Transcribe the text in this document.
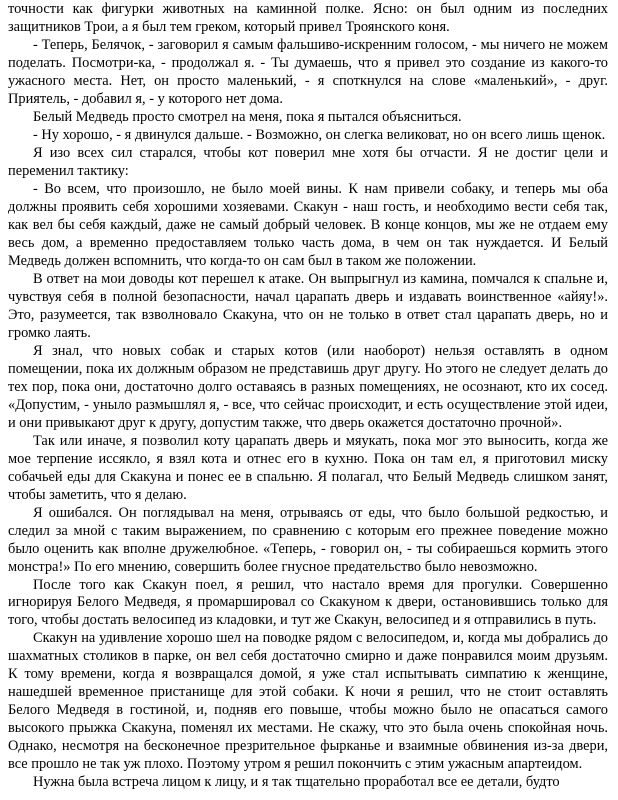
точности как фигурки животных на каминной полке. Ясно: он был одним из последних защитников Трои, а я был тем греком, который привел Троянского коня.

- Теперь, Белячок, - заговорил я самым фальшиво-искренним голосом, - мы ничего не можем поделать. Посмотри-ка, - продолжал я. - Ты думаешь, что я привел это создание из какого-то ужасного места. Нет, он просто маленький, - я споткнулся на слове «маленький», - друг. Приятель, - добавил я, - у которого нет дома.

Белый Медведь просто смотрел на меня, пока я пытался объясниться.

- Ну хорошо, - я двинулся дальше. - Возможно, он слегка великоват, но он всего лишь щенок.

Я изо всех сил старался, чтобы кот поверил мне хотя бы отчасти. Я не достиг цели и переменил тактику:

- Во всем, что произошло, не было моей вины. К нам привели собаку, и теперь мы оба должны проявить себя хорошими хозяевами. Скакун - наш гость, и необходимо вести себя так, как вел бы себя каждый, даже не самый добрый человек. В конце концов, мы же не отдаем ему весь дом, а временно предоставляем только часть дома, в чем он так нуждается. И Белый Медведь должен вспомнить, что когда-то он сам был в таком же положении.

В ответ на мои доводы кот перешел к атаке. Он выпрыгнул из камина, помчался к спальне и, чувствуя себя в полной безопасности, начал царапать дверь и издавать воинственное «айяу!». Это, разумеется, так взволновало Скакуна, что он не только в ответ стал царапать дверь, но и громко лаять.

Я знал, что новых собак и старых котов (или наоборот) нельзя оставлять в одном помещении, пока их должным образом не представишь друг другу. Но этого не следует делать до тех пор, пока они, достаточно долго оставаясь в разных помещениях, не осознают, кто их сосед. «Допустим, - уныло размышлял я, - все, что сейчас происходит, и есть осуществление этой идеи, и они привыкают друг к другу, допустим также, что дверь окажется достаточно прочной».

Так или иначе, я позволил коту царапать дверь и мяукать, пока мог это выносить, когда же мое терпение иссякло, я взял кота и отнес его в кухню. Пока он там ел, я приготовил миску собачьей еды для Скакуна и понес ее в спальню. Я полагал, что Белый Медведь слишком занят, чтобы заметить, что я делаю.

Я ошибался. Он поглядывал на меня, отрываясь от еды, что было большой редкостью, и следил за мной с таким выражением, по сравнению с которым его прежнее поведение можно было оценить как вполне дружелюбное. «Теперь, - говорил он, - ты собираешься кормить этого монстра!» По его мнению, совершить более гнусное предательство было невозможно.

После того как Скакун поел, я решил, что настало время для прогулки. Совершенно игнорируя Белого Медведя, я промаршировал со Скакуном к двери, остановившись только для того, чтобы достать велосипед из кладовки, и тут же Скакун, велосипед и я отправились в путь.

Скакун на удивление хорошо шел на поводке рядом с велосипедом, и, когда мы добрались до шахматных столиков в парке, он вел себя достаточно смирно и даже понравился моим друзьям. К тому времени, когда я возвращался домой, я уже стал испытывать симпатию к женщине, нашедшей временное пристанище для этой собаки. К ночи я решил, что не стоит оставлять Белого Медведя в гостиной, и, подняв его повыше, чтобы можно было не опасаться самого высокого прыжка Скакуна, поменял их местами. Не скажу, что это была очень спокойная ночь. Однако, несмотря на бесконечное презрительное фырканье и взаимные обвинения из-за двери, все прошло не так уж плохо. Поэтому утром я решил покончить с этим ужасным апартеидом.

Нужна была встреча лицом к лицу, и я так тщательно проработал все ее детали, будто
